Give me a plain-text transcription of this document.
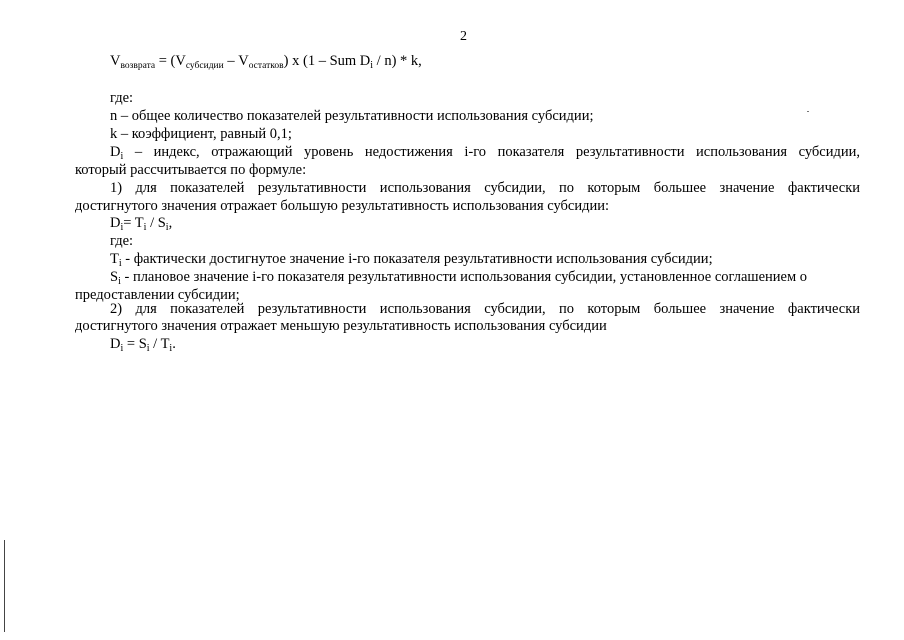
2
$V_{возврата} = (V_{субсидии} - V_{остатков})$ x (1 – Sum $D_i / n$) * k,
где:
n – общее количество показателей результативности использования субсидии;
k – коэффициент, равный 0,1;
$D_i$ – индекс, отражающий уровень недостижения i-го показателя результативности использования субсидии,
который рассчитывается по формуле:
1) для показателей результативности использования субсидии, по которым большее значение фактически
достигнутого значения отражает большую результативность использования субсидии:
$D_i= T_i / S_i$,
где:
$T_i$ - фактически достигнутое значение i-го показателя результативности использования субсидии;
$S_i$ - плановое значение i-го показателя результативности использования субсидии, установленное соглашением о
предоставлении субсидии;
2) для показателей результативности использования субсидии, по которым большее значение фактически
достигнутого значения отражает меньшую результативность использования субсидии
$D_i = S_i / T_i$.
